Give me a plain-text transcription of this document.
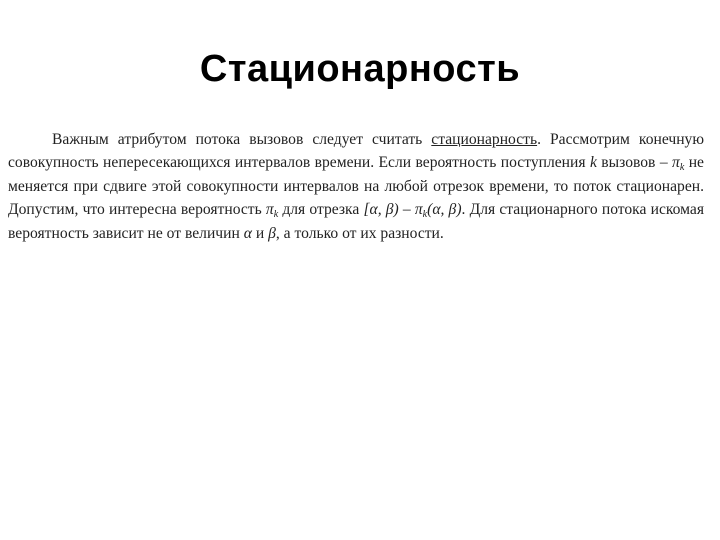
Стационарность
Важным атрибутом потока вызовов следует считать стационарность. Рассмотрим конечную совокупность непересекающихся интервалов времени. Если вероятность поступления k вызовов – $\pi_k$ не меняется при сдвиге этой совокупности интервалов на любой отрезок времени, то поток стационарен. Допустим, что интересна вероятность $\pi_k$ для отрезка [α, $\beta) - \pi_k(\alpha$, β). Для стационарного потока искомая вероятность зависит не от величин α и β, а только от их разности.
